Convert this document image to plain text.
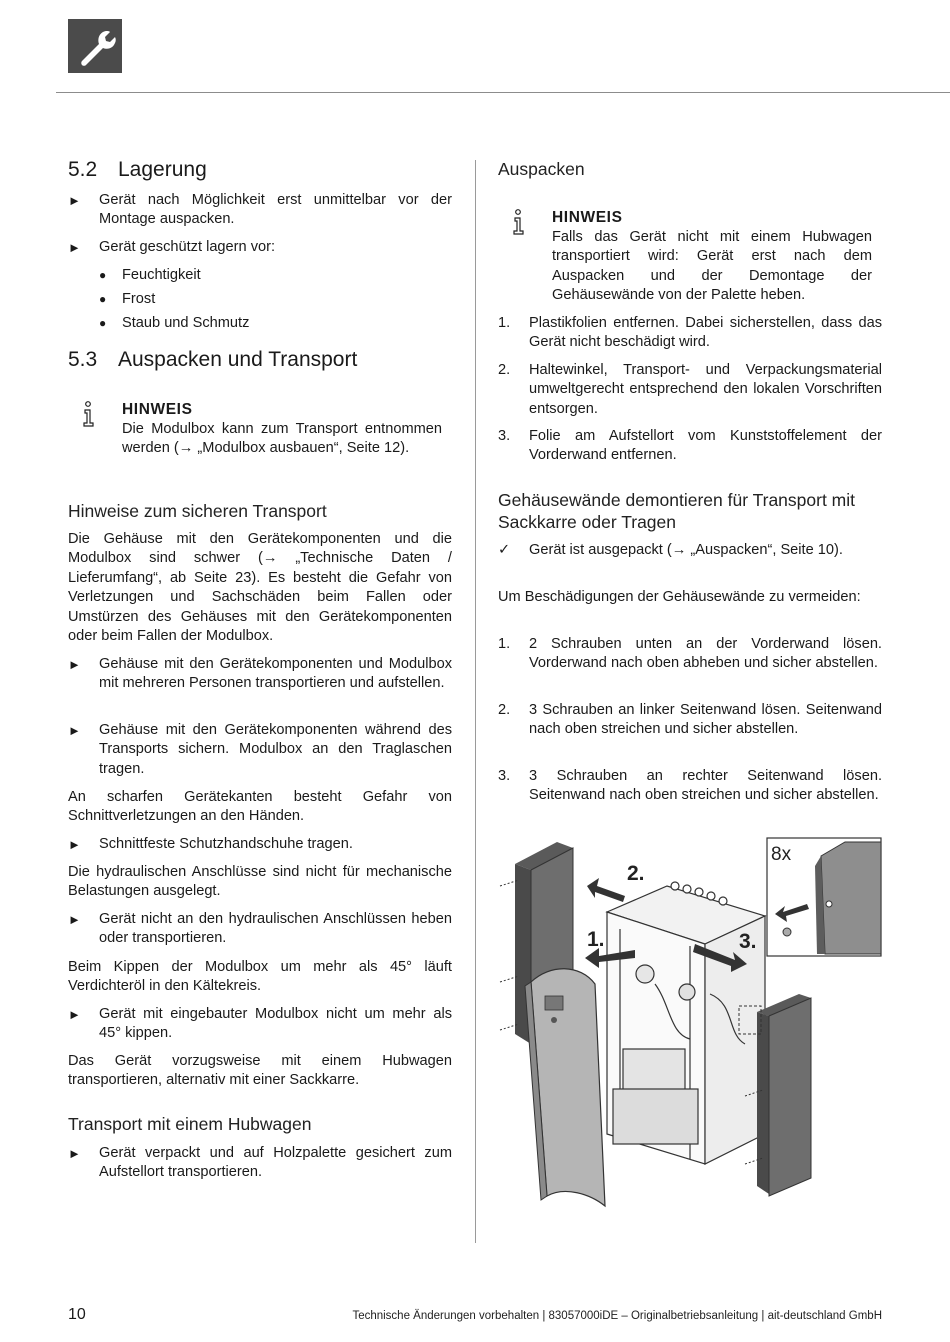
5.2 Lagerung
► Gerät nach Möglichkeit erst unmittelbar vor der Montage auspacken.
► Gerät geschützt lagern vor:
● Feuchtigkeit
● Frost
● Staub und Schmutz
5.3 Auspacken und Transport
HINWEIS
Die Modulbox kann zum Transport entnommen werden (→ „Modulbox ausbauen“, Seite 12).
Hinweise zum sicheren Transport
Die Gehäuse mit den Gerätekomponenten und die Modulbox sind schwer (→ „Technische Daten / Lieferumfang“, ab Seite 23). Es besteht die Gefahr von Verletzungen und Sachschäden beim Fallen oder Umstürzen des Gehäuses mit den Gerätekomponenten oder beim Fallen der Modulbox.
► Gehäuse mit den Gerätekomponenten und Modulbox mit mehreren Personen transportieren und aufstellen.
► Gehäuse mit den Gerätekomponenten während des Transports sichern. Modulbox an den Traglaschen tragen.
An scharfen Gerätekanten besteht Gefahr von Schnittverletzungen an den Händen.
► Schnittfeste Schutzhandschuhe tragen.
Die hydraulischen Anschlüsse sind nicht für mechanische Belastungen ausgelegt.
► Gerät nicht an den hydraulischen Anschlüssen heben oder transportieren.
Beim Kippen der Modulbox um mehr als 45° läuft Verdichteröl in den Kältekreis.
► Gerät mit eingebauter Modulbox nicht um mehr als 45° kippen.
Das Gerät vorzugsweise mit einem Hubwagen transportieren, alternativ mit einer Sackkarre.
Transport mit einem Hubwagen
► Gerät verpackt und auf Holzpalette gesichert zum Aufstellort transportieren.
Auspacken
HINWEIS
Falls das Gerät nicht mit einem Hubwagen transportiert wird: Gerät erst nach dem Auspacken und der Demontage der Gehäusewände von der Palette heben.
1. Plastikfolien entfernen. Dabei sicherstellen, dass das Gerät nicht beschädigt wird.
2. Haltewinkel, Transport- und Verpackungsmaterial umweltgerecht entsprechend den lokalen Vorschriften entsorgen.
3. Folie am Aufstellort vom Kunststoffelement der Vorderwand entfernen.
Gehäusewände demontieren für Transport mit Sackkarre oder Tragen
✓ Gerät ist ausgepackt (→ „Auspacken“, Seite 10).
Um Beschädigungen der Gehäusewände zu vermeiden:
1. 2 Schrauben unten an der Vorderwand lösen. Vorderwand nach oben abheben und sicher abstellen.
2. 3 Schrauben an linker Seitenwand lösen. Seitenwand nach oben streichen und sicher abstellen.
3. 3 Schrauben an rechter Seitenwand lösen. Seitenwand nach oben streichen und sicher abstellen.
2.
1.	3.
8x
10	Technische Änderungen vorbehalten | 83057000iDE – Originalbetriebsanleitung | ait-deutschland GmbH
